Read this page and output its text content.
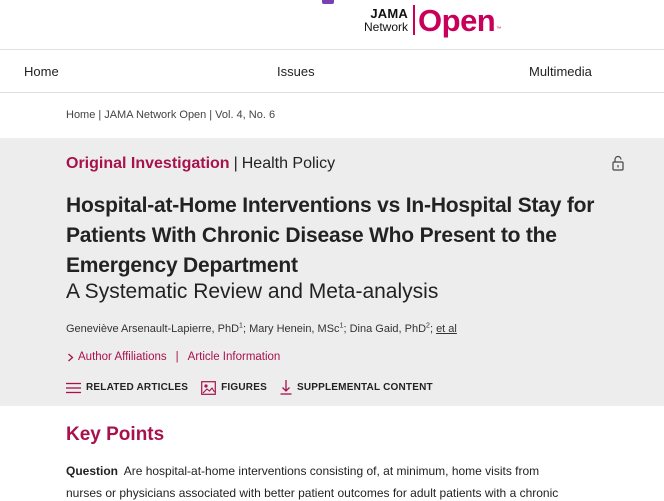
JAMA
Network Open ™
Home	Issues	Multimedia
Home | JAMA Network Open | Vol. 4, No. 6
Original Investigation | Health Policy
Hospital-at-Home Interventions vs In-Hospital Stay for
Patients With Chronic Disease Who Present to the
Emergency Department
A Systematic Review and Meta-analysis
Geneviève Arsenault-Lapierre, PhD$^1$; Mary Henein, MSc$^1$; Dina Gaid, PhD$^2$; et al
Author Affiliations | Article Information
RELATED ARTICLES	FIGURES	SUPPLEMENTAL CONTENT
Key Points
Question Are hospital-at-home interventions consisting of, at minimum, home visits from
nurses or physicians associated with better patient outcomes for adult patients with a chronic
